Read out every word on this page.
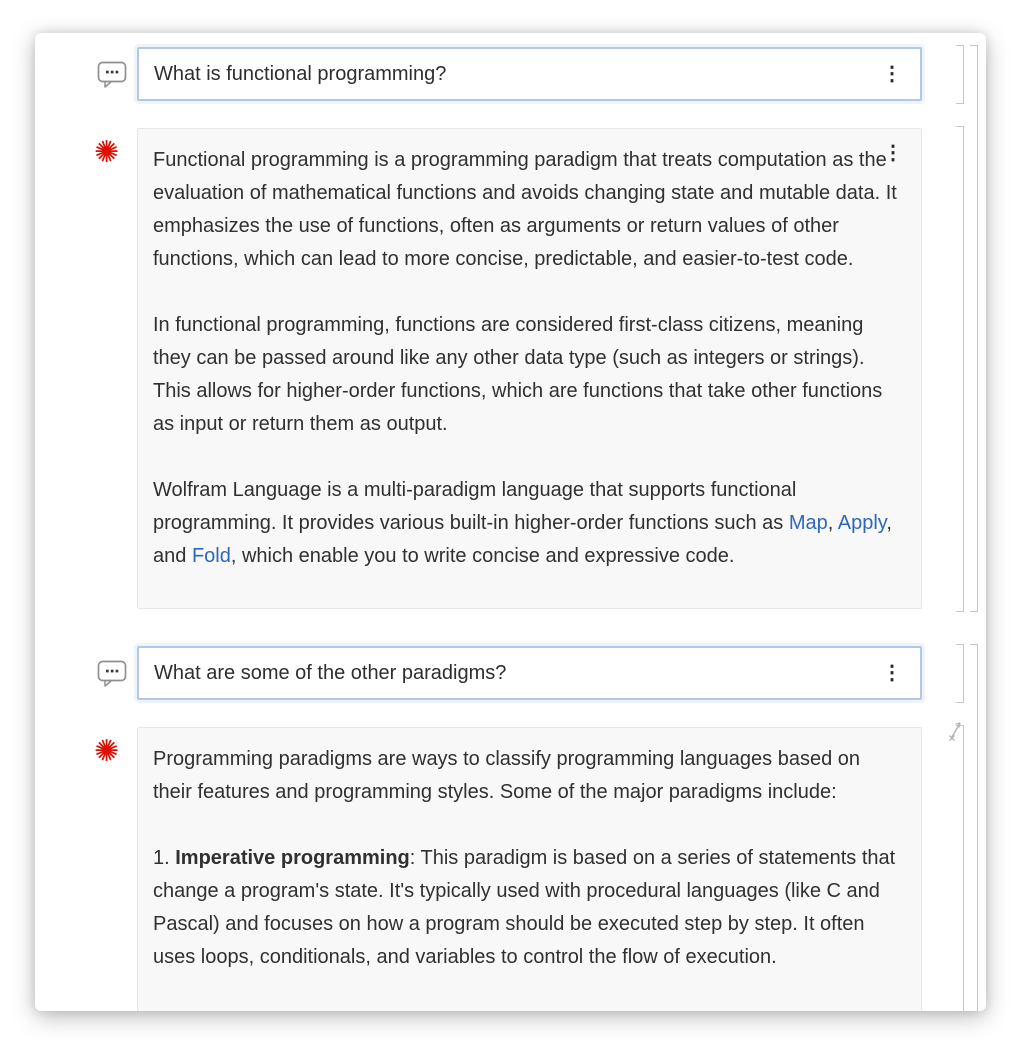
What is functional programming?	⋮
✺	⋮

Functional programming is a programming paradigm that treats computation as the evaluation of mathematical functions and avoids changing state and mutable data. It emphasizes the use of functions, often as arguments or return values of other functions, which can lead to more concise, predictable, and easier-to-test code.

In functional programming, functions are considered first-class citizens, meaning they can be passed around like any other data type (such as integers or strings). This allows for higher-order functions, which are functions that take other functions as input or return them as output.

Wolfram Language is a multi-paradigm language that supports functional programming. It provides various built-in higher-order functions such as Map, Apply, and Fold, which enable you to write concise and expressive code.

What are some of the other paradigms?	⋮
✺ Programming paradigms are ways to classify programming languages based on their features and programming styles. Some of the major paradigms include:

1. Imperative programming: This paradigm is based on a series of statements that change a program's state. It's typically used with procedural languages (like C and Pascal) and focuses on how a program should be executed step by step. It often uses loops, conditionals, and variables to control the flow of execution.
